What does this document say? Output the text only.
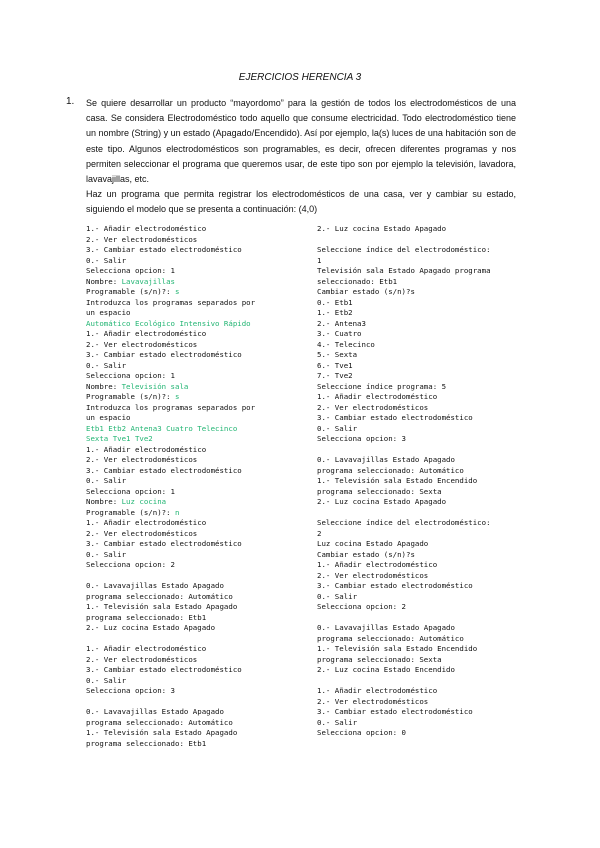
EJERCICIOS HERENCIA 3
1. Se quiere desarrollar un producto “mayordomo” para la gestión de todos los electrodomésticos de una casa. Se considera Electrodoméstico todo aquello que consume electricidad. Todo electrodoméstico tiene un nombre (String) y un estado (Apagado/Encendido). Así por ejemplo, la(s) luces de una habitación son de este tipo. Algunos electrodomésticos son programables, es decir, ofrecen diferentes programas y nos permiten seleccionar el programa que queremos usar, de este tipo son por ejemplo la televisión, lavadora, lavavajillas, etc.

Haz un programa que permita registrar los electrodomésticos de una casa, ver y cambiar su estado, siguiendo el modelo que se presenta a continuación: (4,0)

1.- Añadir electrodoméstico
2.- Ver electrodomésticos
3.- Cambiar estado electrodoméstico
0.- Salir
Selecciona opcion: 1
Nombre: Lavavajillas
Programable (s/n)?: s
Introduzca los programas separados por
un espacio
Automático Ecológico Intensivo Rápido
1.- Añadir electrodoméstico
2.- Ver electrodomésticos
3.- Cambiar estado electrodoméstico
0.- Salir
Selecciona opcion: 1
Nombre: Televisión sala
Programable (s/n)?: s
Introduzca los programas separados por
un espacio
Etb1 Etb2 Antena3 Cuatro Telecinco
Sexta Tve1 Tve2
1.- Añadir electrodoméstico
2.- Ver electrodomésticos
3.- Cambiar estado electrodoméstico
0.- Salir
Selecciona opcion: 1
Nombre: Luz cocina
Programable (s/n)?: n
1.- Añadir electrodoméstico
2.- Ver electrodomésticos
3.- Cambiar estado electrodoméstico
0.- Salir
Selecciona opcion: 2
0.- Lavavajillas Estado Apagado
programa seleccionado: Automático
1.- Televisión sala Estado Apagado
programa seleccionado: Etb1
2.- Luz cocina Estado Apagado
1.- Añadir electrodoméstico
2.- Ver electrodomésticos
3.- Cambiar estado electrodoméstico
0.- Salir
Selecciona opcion: 3
0.- Lavavajillas Estado Apagado
programa seleccionado: Automático
1.- Televisión sala Estado Apagado
programa seleccionado: Etb1
2.- Luz cocina Estado Apagado
Seleccione índice del electrodoméstico:
1
Televisión sala Estado Apagado programa
seleccionado: Etb1
Cambiar estado (s/n)?s
0.- Etb1
1.- Etb2
2.- Antena3
3.- Cuatro
4.- Telecinco
5.- Sexta
6.- Tve1
7.- Tve2
Seleccione índice programa: 5
1.- Añadir electrodoméstico
2.- Ver electrodomésticos
3.- Cambiar estado electrodoméstico
0.- Salir
Selecciona opcion: 3
0.- Lavavajillas Estado Apagado
programa seleccionado: Automático
1.- Televisión sala Estado Encendido
programa seleccionado: Sexta
2.- Luz cocina Estado Apagado
Seleccione índice del electrodoméstico:
2
Luz cocina Estado Apagado
Cambiar estado (s/n)?s
1.- Añadir electrodoméstico
2.- Ver electrodomésticos
3.- Cambiar estado electrodoméstico
0.- Salir
Selecciona opcion: 2
0.- Lavavajillas Estado Apagado
programa seleccionado: Automático
1.- Televisión sala Estado Encendido
programa seleccionado: Sexta
2.- Luz cocina Estado Encendido
1.- Añadir electrodoméstico
2.- Ver electrodomésticos
3.- Cambiar estado electrodoméstico
0.- Salir
Selecciona opcion: 0
